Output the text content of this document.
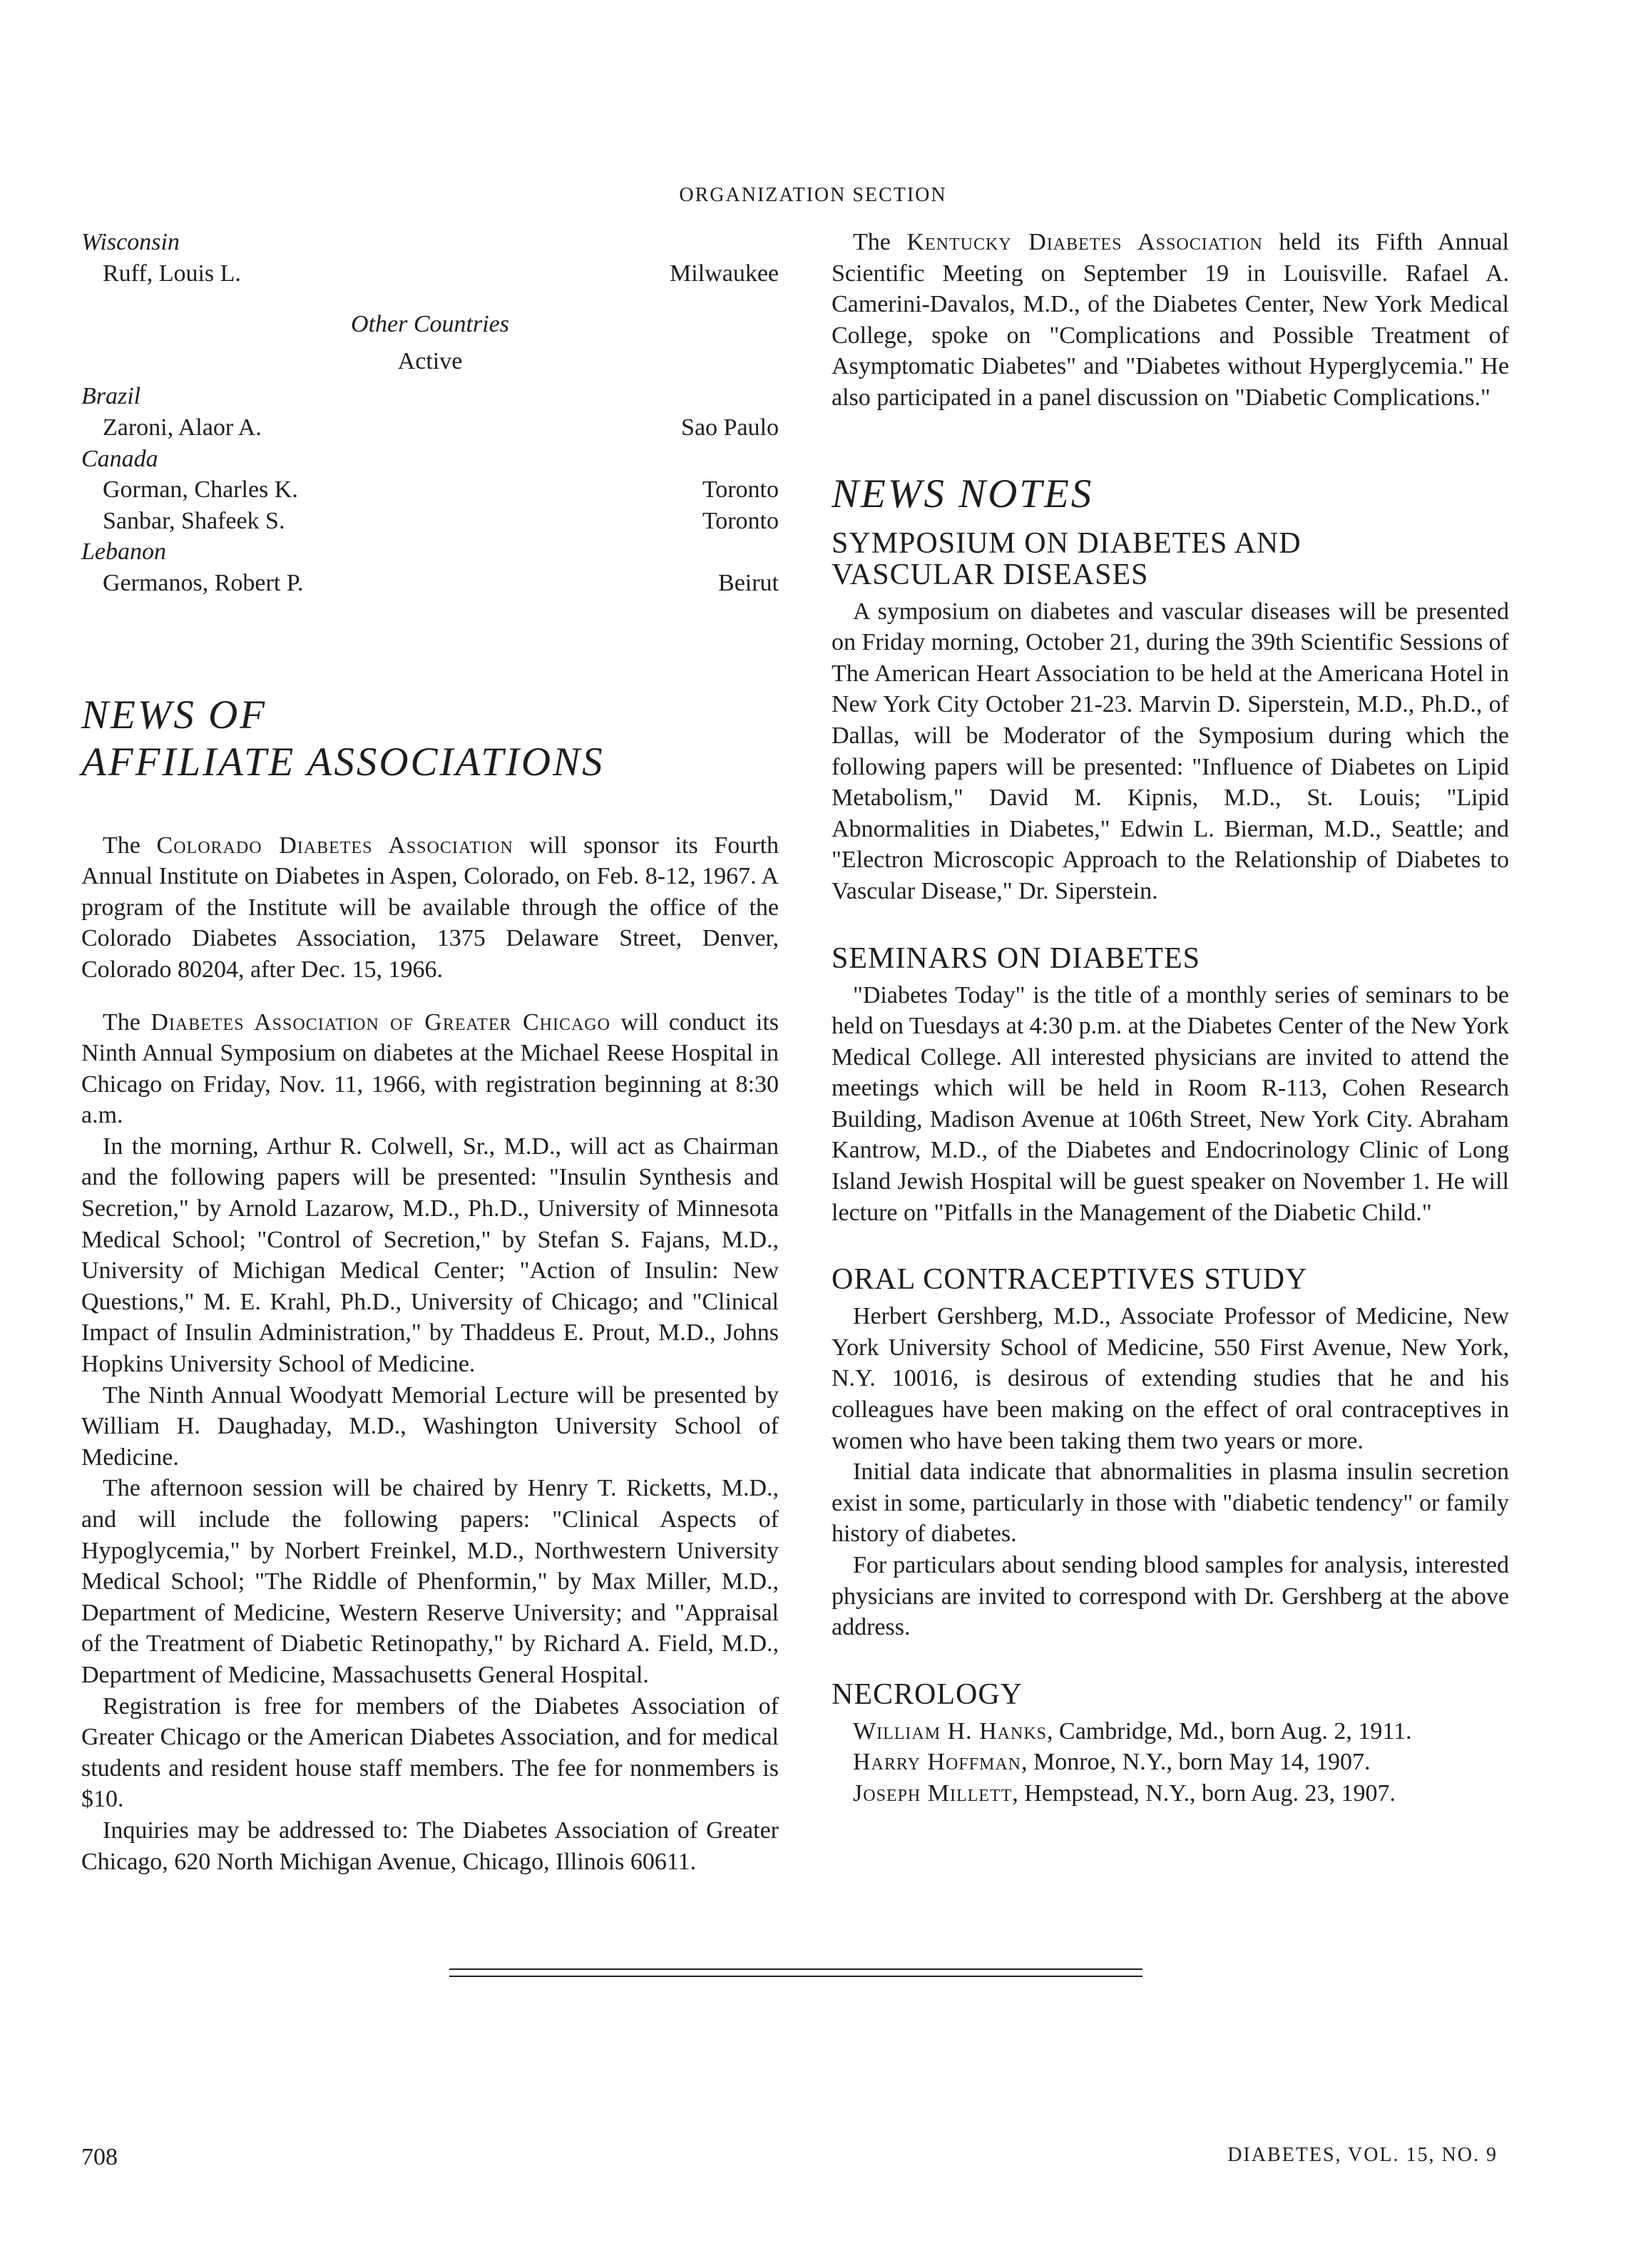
ORGANIZATION SECTION
Wisconsin
Ruff, Louis L.	Milwaukee
Other Countries
Active
Brazil
Zaroni, Alaor A.	Sao Paulo
Canada
Gorman, Charles K.	Toronto
Sanbar, Shafeek S.	Toronto
Lebanon
Germanos, Robert P.	Beirut
NEWS OF
AFFILIATE ASSOCIATIONS

The Colorado Diabetes Association will sponsor its Fourth Annual Institute on Diabetes in Aspen, Colorado, on Feb. 8-12, 1967. A program of the Institute will be available through the office of the Colorado Diabetes Association, 1375 Delaware Street, Denver, Colorado 80204, after Dec. 15, 1966.

The Diabetes Association of Greater Chicago will conduct its Ninth Annual Symposium on diabetes at the Michael Reese Hospital in Chicago on Friday, Nov. 11, 1966, with registration beginning at 8:30 a.m.

In the morning, Arthur R. Colwell, Sr., M.D., will act as Chairman and the following papers will be presented: "Insulin Synthesis and Secretion," by Arnold Lazarow, M.D., Ph.D., University of Minnesota Medical School; "Control of Secretion," by Stefan S. Fajans, M.D., University of Michigan Medical Center; "Action of Insulin: New Questions," M. E. Krahl, Ph.D., University of Chicago; and "Clinical Impact of Insulin Administration," by Thaddeus E. Prout, M.D., Johns Hopkins University School of Medicine.

The Ninth Annual Woodyatt Memorial Lecture will be presented by William H. Daughaday, M.D., Washington University School of Medicine.

The afternoon session will be chaired by Henry T. Ricketts, M.D., and will include the following papers: "Clinical Aspects of Hypoglycemia," by Norbert Freinkel, M.D., Northwestern University Medical School; "The Riddle of Phenformin," by Max Miller, M.D., Department of Medicine, Western Reserve University; and "Appraisal of the Treatment of Diabetic Retinopathy," by Richard A. Field, M.D., Department of Medicine, Massachusetts General Hospital.

Registration is free for members of the Diabetes Association of Greater Chicago or the American Diabetes Association, and for medical students and resident house staff members. The fee for nonmembers is $10.

Inquiries may be addressed to: The Diabetes Association of Greater Chicago, 620 North Michigan Avenue, Chicago, Illinois 60611.

The Kentucky Diabetes Association held its Fifth Annual Scientific Meeting on September 19 in Louisville. Rafael A. Camerini-Davalos, M.D., of the Diabetes Center, New York Medical College, spoke on "Complications and Possible Treatment of Asymptomatic Diabetes" and "Diabetes without Hyperglycemia." He also participated in a panel discussion on "Diabetic Complications."

NEWS NOTES
SYMPOSIUM ON DIABETES AND
VASCULAR DISEASES

A symposium on diabetes and vascular diseases will be presented on Friday morning, October 21, during the 39th Scientific Sessions of The American Heart Association to be held at the Americana Hotel in New York City October 21-23. Marvin D. Siperstein, M.D., Ph.D., of Dallas, will be Moderator of the Symposium during which the following papers will be presented: "Influence of Diabetes on Lipid Metabolism," David M. Kipnis, M.D., St. Louis; "Lipid Abnormalities in Diabetes," Edwin L. Bierman, M.D., Seattle; and "Electron Microscopic Approach to the Relationship of Diabetes to Vascular Disease," Dr. Siperstein.

SEMINARS ON DIABETES

"Diabetes Today" is the title of a monthly series of seminars to be held on Tuesdays at 4:30 p.m. at the Diabetes Center of the New York Medical College. All interested physicians are invited to attend the meetings which will be held in Room R-113, Cohen Research Building, Madison Avenue at 106th Street, New York City. Abraham Kantrow, M.D., of the Diabetes and Endocrinology Clinic of Long Island Jewish Hospital will be guest speaker on November 1. He will lecture on "Pitfalls in the Management of the Diabetic Child."

ORAL CONTRACEPTIVES STUDY

Herbert Gershberg, M.D., Associate Professor of Medicine, New York University School of Medicine, 550 First Avenue, New York, N.Y. 10016, is desirous of extending studies that he and his colleagues have been making on the effect of oral contraceptives in women who have been taking them two years or more.

Initial data indicate that abnormalities in plasma insulin secretion exist in some, particularly in those with "diabetic tendency" or family history of diabetes.

For particulars about sending blood samples for analysis, interested physicians are invited to correspond with Dr. Gershberg at the above address.

NECROLOGY

William H. Hanks, Cambridge, Md., born Aug. 2, 1911.

Harry Hoffman, Monroe, N.Y., born May 14, 1907.

Joseph Millett, Hempstead, N.Y., born Aug. 23, 1907.

708	DIABETES, VOL. 15, NO. 9
